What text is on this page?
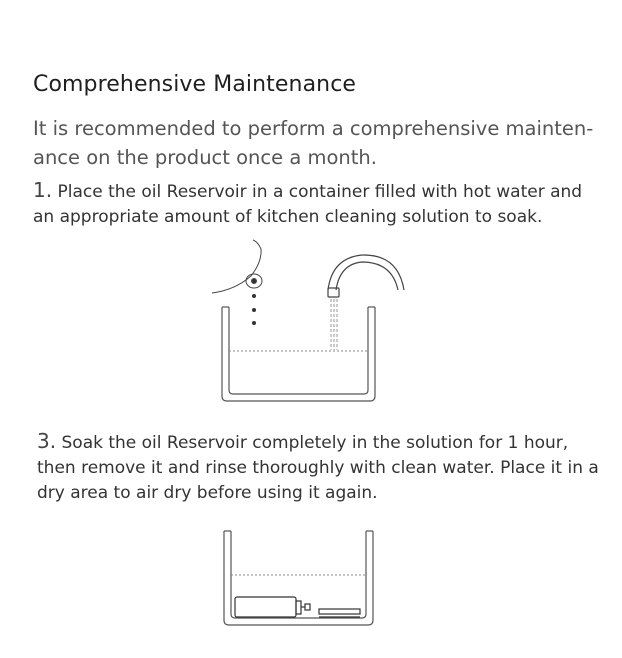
Comprehensive Maintenance
It is recommended to perform a comprehensive mainten-ance on the product once a month.
1. Place the oil Reservoir in a container filled with hot water and an appropriate amount of kitchen cleaning solution to soak.
3. Soak the oil Reservoir completely in the solution for 1 hour, then remove it and rinse thoroughly with clean water. Place it in a dry area to air dry before using it again.
